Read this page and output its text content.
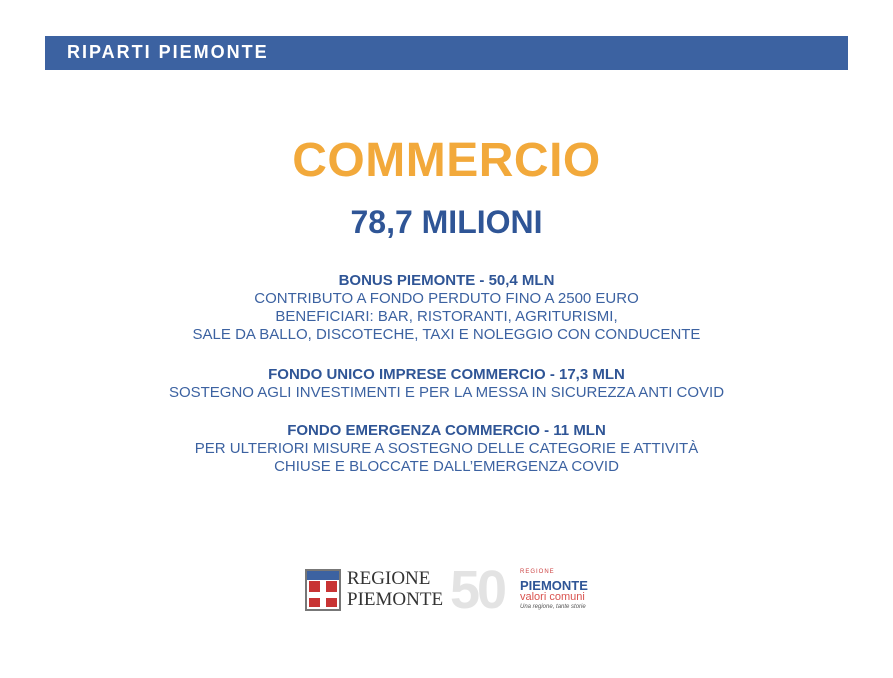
RIPARTI PIEMONTE
COMMERCIO
78,7 MILIONI
BONUS PIEMONTE - 50,4 MLN
CONTRIBUTO A FONDO PERDUTO FINO A 2500 EURO
BENEFICIARI: BAR, RISTORANTI, AGRITURISMI,
SALE DA BALLO, DISCOTECHE, TAXI E NOLEGGIO CON CONDUCENTE
FONDO UNICO IMPRESE COMMERCIO - 17,3 MLN
SOSTEGNO AGLI INVESTIMENTI E PER LA MESSA IN SICUREZZA ANTI COVID
FONDO EMERGENZA COMMERCIO - 11 MLN
PER ULTERIORI MISURE A SOSTEGNO DELLE CATEGORIE E ATTIVITÀ
CHIUSE E BLOCCATE DALL’EMERGENZA COVID
REGIONE
PIEMONTE 50	REGIONE
PIEMONTE
valori comuni
Una regione, tante storie
